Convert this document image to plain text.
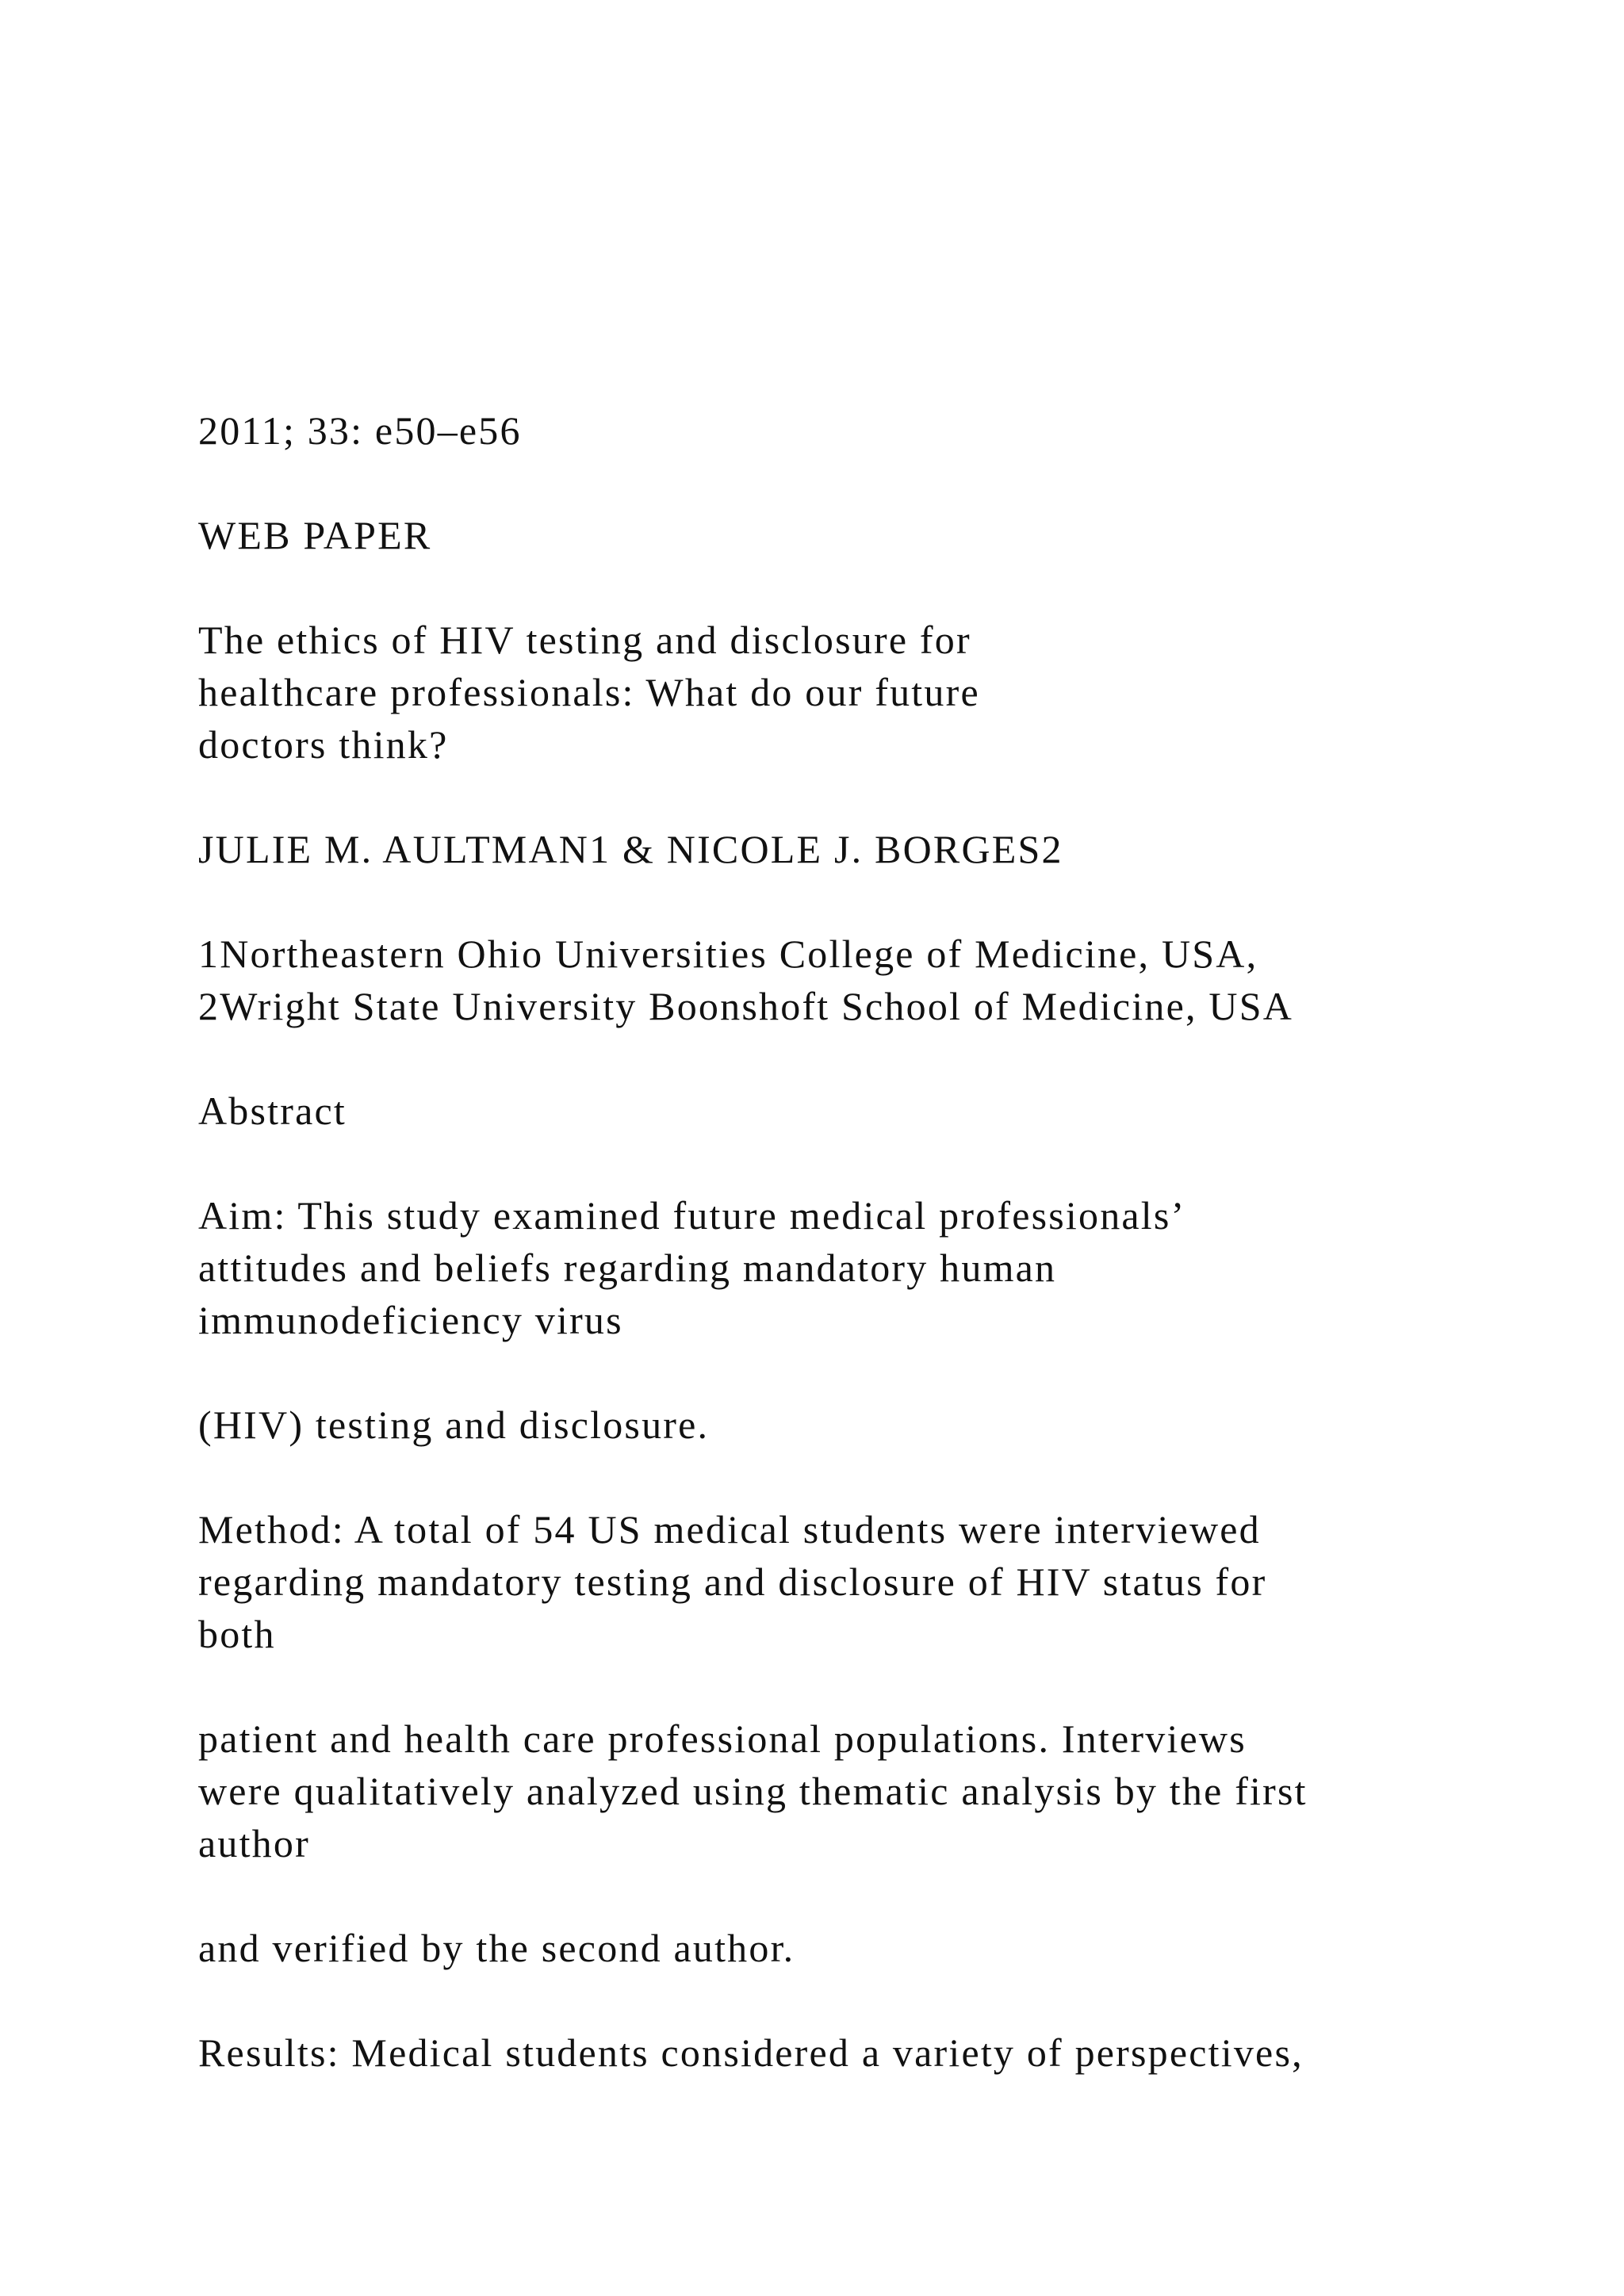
2011; 33: e50–e56

WEB PAPER

The ethics of HIV testing and disclosure for

healthcare professionals: What do our future

doctors think?

JULIE M. AULTMAN1 & NICOLE J. BORGES2

1Northeastern Ohio Universities College of Medicine, USA,

2Wright State University Boonshoft School of Medicine, USA

Abstract

Aim: This study examined future medical professionals’

attitudes and beliefs regarding mandatory human

immunodeficiency virus

(HIV) testing and disclosure.

Method: A total of 54 US medical students were interviewed

regarding mandatory testing and disclosure of HIV status for

both

patient and health care professional populations. Interviews

were qualitatively analyzed using thematic analysis by the first

author

and verified by the second author.

Results: Medical students considered a variety of perspectives,
